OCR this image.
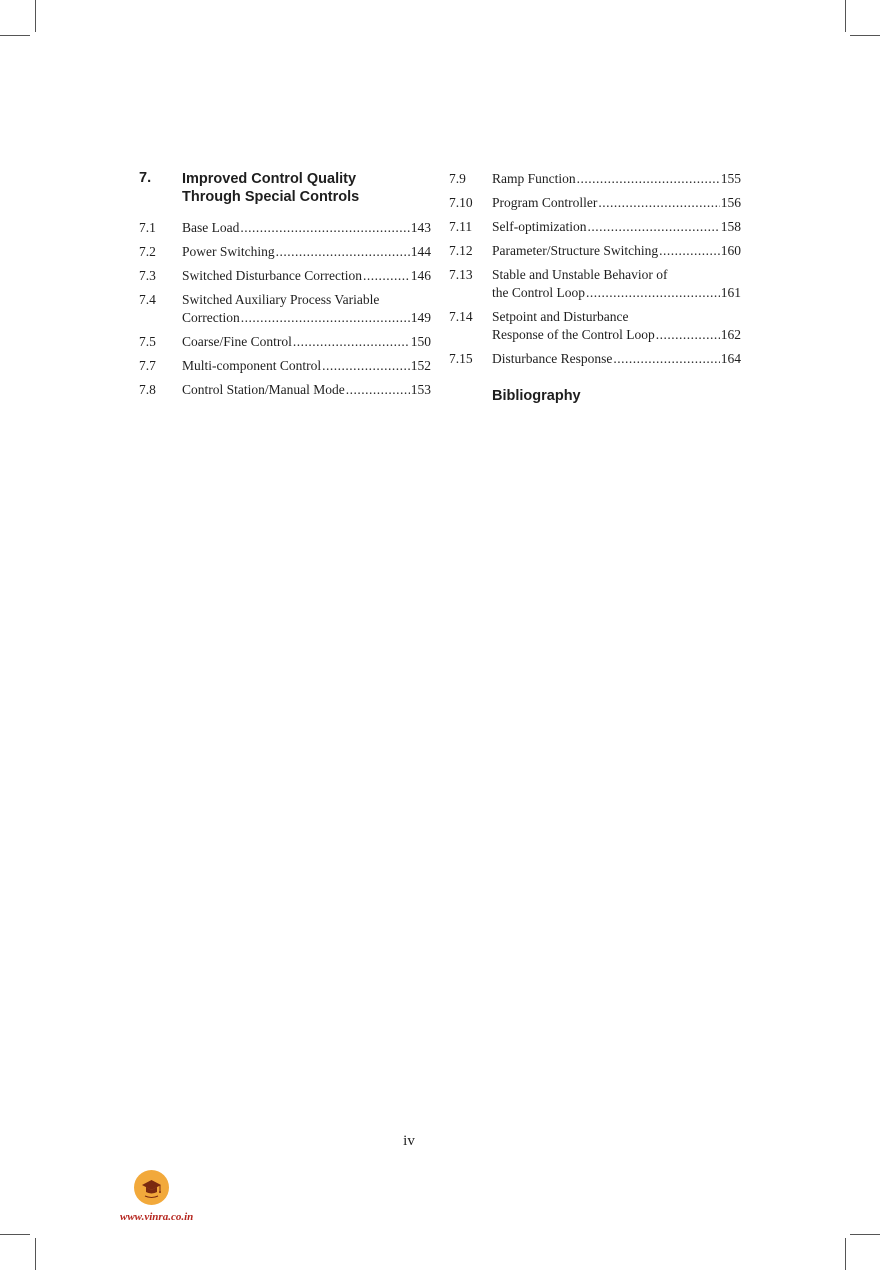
7.	Improved Control Quality
Through Special Controls
7.1	Base Load .....	143
7.2	Power Switching .....	144
7.3	Switched Disturbance Correction .....	146
7.4	Switched Auxiliary Process Variable
Correction .....	149
7.5	Coarse/Fine Control .....	150
7.7	Multi-component Control .....	152
7.8	Control Station/Manual Mode .....	153
7.9	Ramp Function .....	155
7.10	Program Controller .....	156
7.11	Self-optimization .....	158
7.12	Parameter/Structure Switching .....	160
7.13	Stable and Unstable Behavior of
the Control Loop .....	161
7.14	Setpoint and Disturbance
Response of the Control Loop .....	162
7.15	Disturbance Response .....	164
Bibliography
iv
www.vinra.co.in
